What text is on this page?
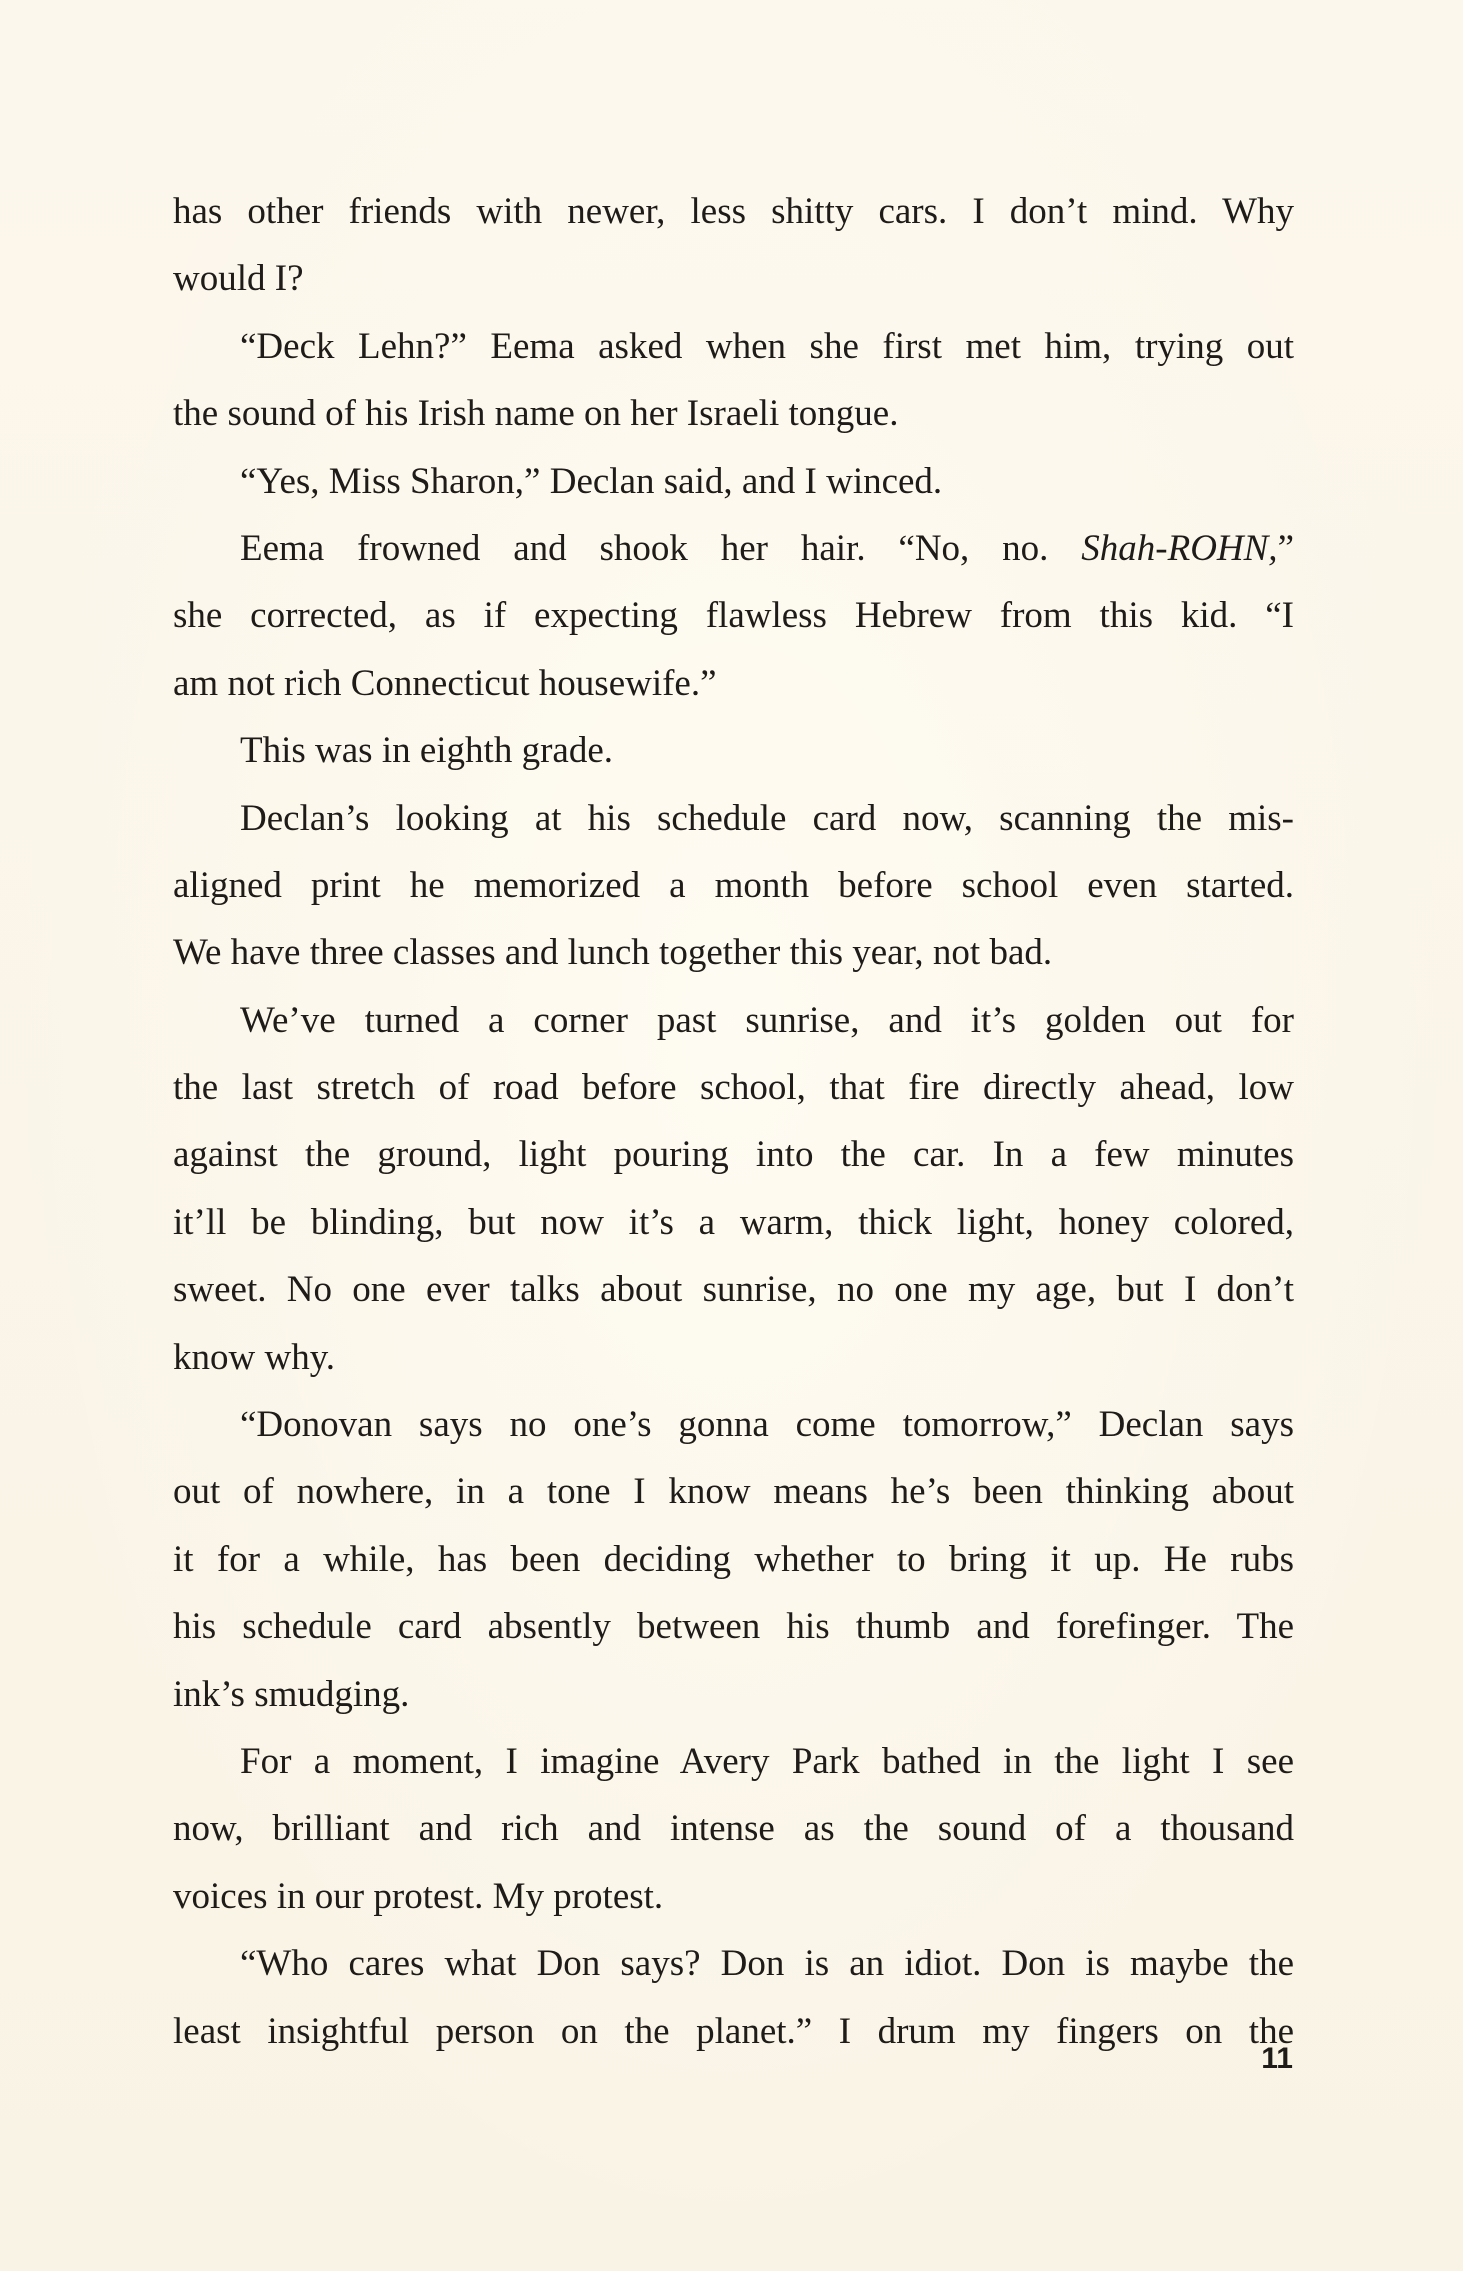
has other friends with newer, less shitty cars. I don’t mind. Why
would I?
“Deck Lehn?” Eema asked when she first met him, trying out
the sound of his Irish name on her Israeli tongue.
“Yes, Miss Sharon,” Declan said, and I winced.
Eema frowned and shook her hair. “No, no. Shah-ROHN,”
she corrected, as if expecting flawless Hebrew from this kid. “I
am not rich Connecticut housewife.”
This was in eighth grade.
Declan’s looking at his schedule card now, scanning the mis-
aligned print he memorized a month before school even started.
We have three classes and lunch together this year, not bad.
We’ve turned a corner past sunrise, and it’s golden out for
the last stretch of road before school, that fire directly ahead, low
against the ground, light pouring into the car. In a few minutes
it’ll be blinding, but now it’s a warm, thick light, honey colored,
sweet. No one ever talks about sunrise, no one my age, but I don’t
know why.
“Donovan says no one’s gonna come tomorrow,” Declan says
out of nowhere, in a tone I know means he’s been thinking about
it for a while, has been deciding whether to bring it up. He rubs
his schedule card absently between his thumb and forefinger. The
ink’s smudging.
For a moment, I imagine Avery Park bathed in the light I see
now, brilliant and rich and intense as the sound of a thousand
voices in our protest. My protest.
“Who cares what Don says? Don is an idiot. Don is maybe the
least insightful person on the planet.” I drum my fingers on the
11
